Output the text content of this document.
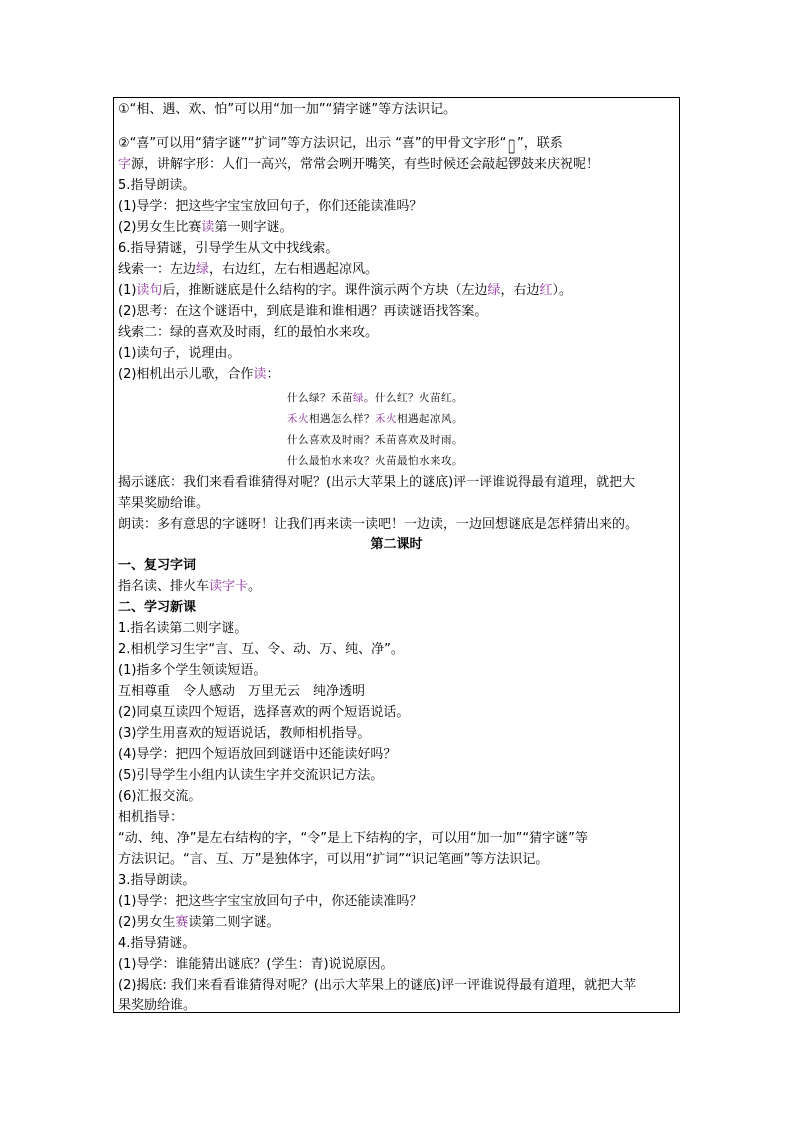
①“相、遇、欢、怕”可以用“加一加”“猜字谜”等方法识记。
②“喜”可以用“猜字谜”“扩词”等方法识记，出示 “喜”的甲骨文字形“ 𠺉 ”，联系
字源，讲解字形：人们一高兴，常常会咧开嘴笑，有些时候还会敲起锣鼓来庆祝呢！
5.指导朗读。
(1)导学：把这些字宝宝放回句子，你们还能读准吗？
(2)男女生比赛读第一则字谜。
6.指导猜谜，引导学生从文中找线索。
线索一：左边绿，右边红，左右相遇起凉风。
(1)读句后，推断谜底是什么结构的字。课件演示两个方块（左边绿，右边红）。
(2)思考：在这个谜语中，到底是谁和谁相遇？再读谜语找答案。
线索二：绿的喜欢及时雨，红的最怕水来攻。
(1)读句子，说理由。
(2)相机出示儿歌，合作读：
什么绿？禾苗绿。什么红？火苗红。
禾火相遇怎么样？禾火相遇起凉风。
什么喜欢及时雨？禾苗喜欢及时雨。
什么最怕水来攻？火苗最怕水来攻。
揭示谜底：我们来看看谁猜得对呢？(出示大苹果上的谜底)评一评谁说得最有道理，就把大
苹果奖励给谁。
朗读：多有意思的字谜呀！让我们再来读一读吧！一边读，一边回想谜底是怎样猜出来的。
第二课时
一、复习字词
指名读、排火车读字卡。
二、学习新课
1.指名读第二则字谜。
2.相机学习生字“言、互、令、动、万、纯、净”。
(1)指多个学生领读短语。
互相尊重　令人感动　万里无云　纯净透明
(2)同桌互读四个短语，选择喜欢的两个短语说话。
(3)学生用喜欢的短语说话，教师相机指导。
(4)导学：把四个短语放回到谜语中还能读好吗？
(5)引导学生小组内认读生字并交流识记方法。
(6)汇报交流。
相机指导：
“动、纯、净”是左右结构的字，“令”是上下结构的字，可以用“加一加”“猜字谜”等
方法识记。“言、互、万”是独体字，可以用“扩词”“识记笔画”等方法识记。
3.指导朗读。
(1)导学：把这些字宝宝放回句子中，你还能读准吗？
(2)男女生赛读第二则字谜。
4.指导猜谜。
(1)导学：谁能猜出谜底？(学生：青)说说原因。
(2)揭底: 我们来看看谁猜得对呢？(出示大苹果上的谜底)评一评谁说得最有道理，就把大苹
果奖励给谁。
